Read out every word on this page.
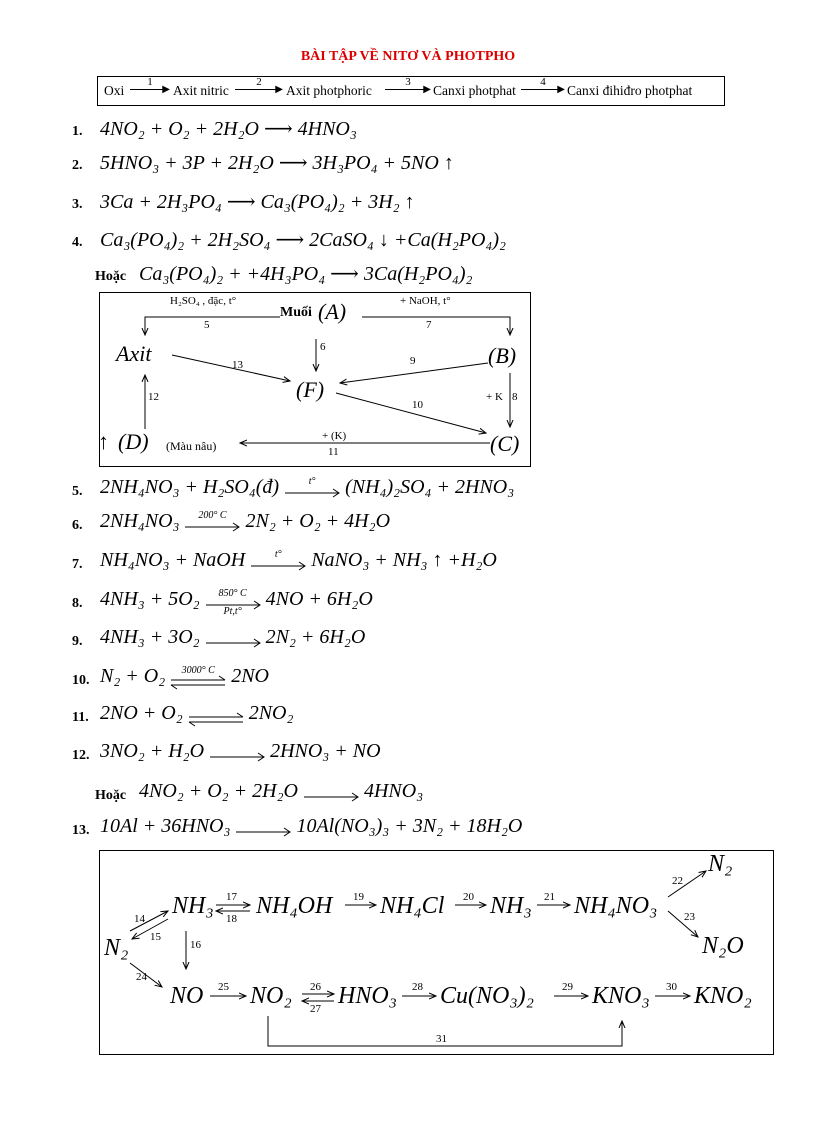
BÀI TẬP VỀ NITƠ VÀ PHOTPHO
Oxi
1
▶ Axit nitric
2
▶ Axit photphoric
3
▶ Canxi photphat
4
▶ Canxi đihiđro photphat
1. 4NO₂ + O₂ + 2H₂O ⟶ 4HNO₃
2. 5HNO₃ + 3P + 2H₂O ⟶ 3H₃PO₄ + 5NO ↑
3. 3Ca + 2H₃PO₄ ⟶ Ca₃(PO₄)₂ + 3H₂ ↑
4. Ca₃(PO₄)₂ + 2H₂SO₄ ⟶ 2CaSO₄ ↓ +Ca(H₂PO₄)₂
Hoặc Ca₃(PO₄)₂ + +4H₃PO₄ ⟶ 3Ca(H₂PO₄)₂
H₂SO₄ , đặc, t°
5
Muối (A)	+ NaOH, t°
7
6
Axit	(B)
13	9
(F)	+ K 8
10
12
↑ (D) (Màu nâu)
+ (K)
11	(C)
5. 2NH₄NO₃ + H₂SO₄(đ) →
t°	(NH₄)₂SO₄ + 2HNO₃
6. 2NH₄NO₃ →
200° C 2N₂ + O₂ + 4H₂O
7. NH₄NO₃ + NaOH →
t°	NaNO₃ + NH₃ ↑ +H₂O
8. 4NH₃ + 5O₂ →
850° C
Pt,t°
4NO + 6H₂O
9. 4NH₃ + 3O₂ → 2N₂ + 6H₂O
10. N₂ + O₂ ⇌
3000° C 2NO
11. 2NO + O₂ ⇌ 2NO₂
12. 3NO₂ + H₂O → 2HNO₃ + NO
Hoặc 4NO₂ + O₂ + 2H₂O → 4HNO₃
13. 10Al + 36HNO₃ → 10Al(NO₃)₃ + 3N₂ + 18H₂O
N₂
NH₃ NH₄OH NH₄Cl NH₃ NH₄NO₃
N₂
N₂O
NO NO₂ HNO₃ Cu(NO₃)₂ KNO₃ KNO₂
14
15
16
17
18
19	20	21
22
23
24
25	26
27
28	29	30
31
